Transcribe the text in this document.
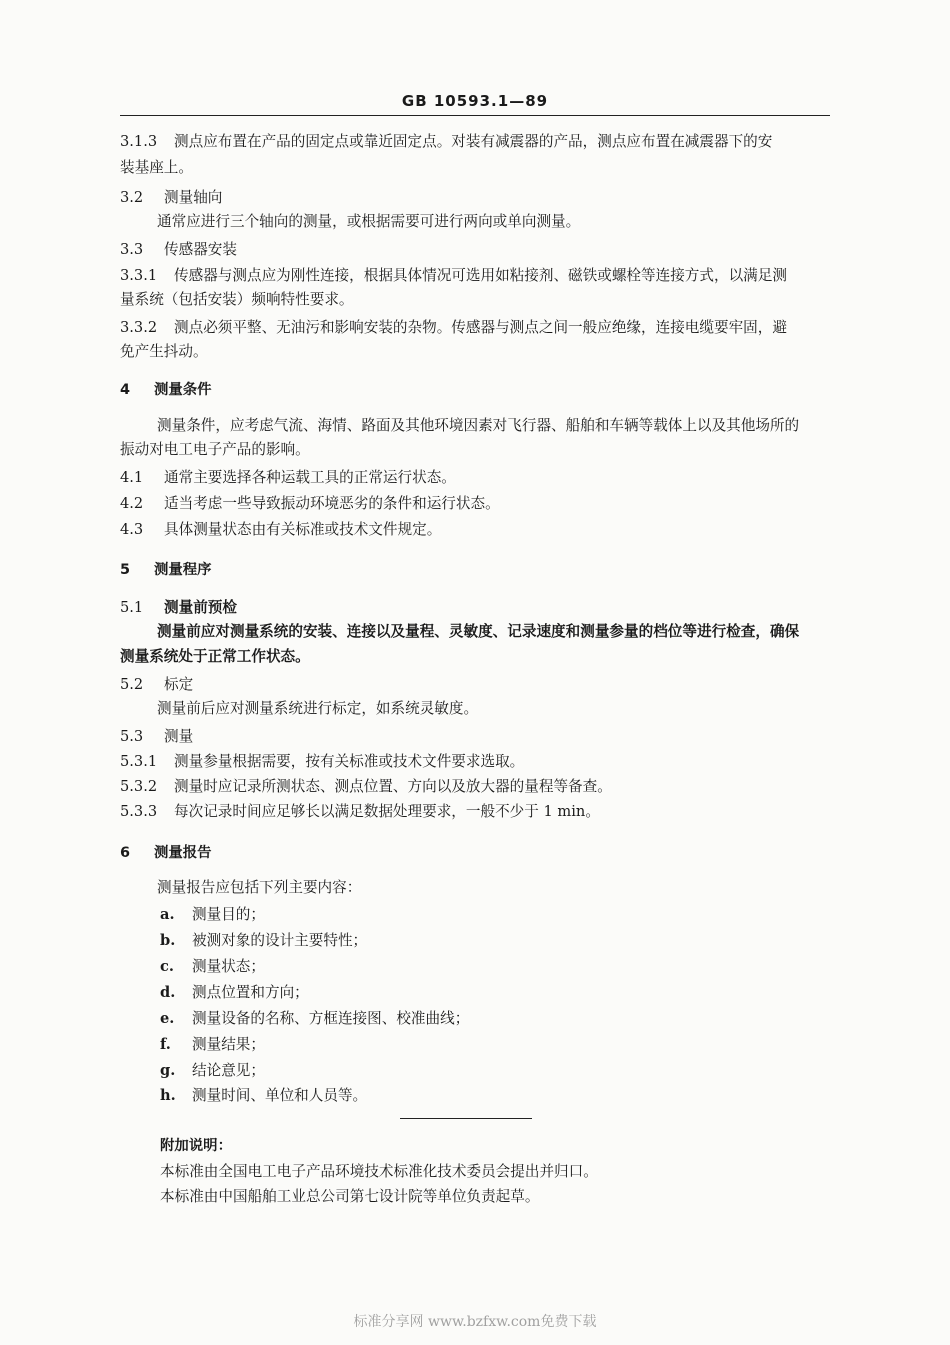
GB 10593.1—89
3.1.3 测点应布置在产品的固定点或靠近固定点。对装有减震器的产品，测点应布置在减震器下的安
装基座上。
3.2 测量轴向
通常应进行三个轴向的测量，或根据需要可进行两向或单向测量。
3.3 传感器安装
3.3.1 传感器与测点应为刚性连接，根据具体情况可选用如粘接剂、磁铁或螺栓等连接方式，以满足测
量系统（包括安装）频响特性要求。
3.3.2 测点必须平整、无油污和影响安装的杂物。传感器与测点之间一般应绝缘，连接电缆要牢固，避
免产生抖动。
4 测量条件
测量条件，应考虑气流、海情、路面及其他环境因素对飞行器、船舶和车辆等载体上以及其他场所的
振动对电工电子产品的影响。
4.1 通常主要选择各种运载工具的正常运行状态。
4.2 适当考虑一些导致振动环境恶劣的条件和运行状态。
4.3 具体测量状态由有关标准或技术文件规定。
5 测量程序
5.1 测量前预检
测量前应对测量系统的安装、连接以及量程、灵敏度、记录速度和测量参量的档位等进行检查，确保
测量系统处于正常工作状态。
5.2 标定
测量前后应对测量系统进行标定，如系统灵敏度。
5.3 测量
5.3.1 测量参量根据需要，按有关标准或技术文件要求选取。
5.3.2 测量时应记录所测状态、测点位置、方向以及放大器的量程等备查。
5.3.3 每次记录时间应足够长以满足数据处理要求，一般不少于 1 min。
6 测量报告
测量报告应包括下列主要内容：
a. 测量目的；
b. 被测对象的设计主要特性；
c. 测量状态；
d. 测点位置和方向；
e. 测量设备的名称、方框连接图、校准曲线；
f. 测量结果；
g. 结论意见；
h. 测量时间、单位和人员等。
附加说明：
本标准由全国电工电子产品环境技术标准化技术委员会提出并归口。
本标准由中国船舶工业总公司第七设计院等单位负责起草。
标准分享网 www.bzfxw.com免费下载
